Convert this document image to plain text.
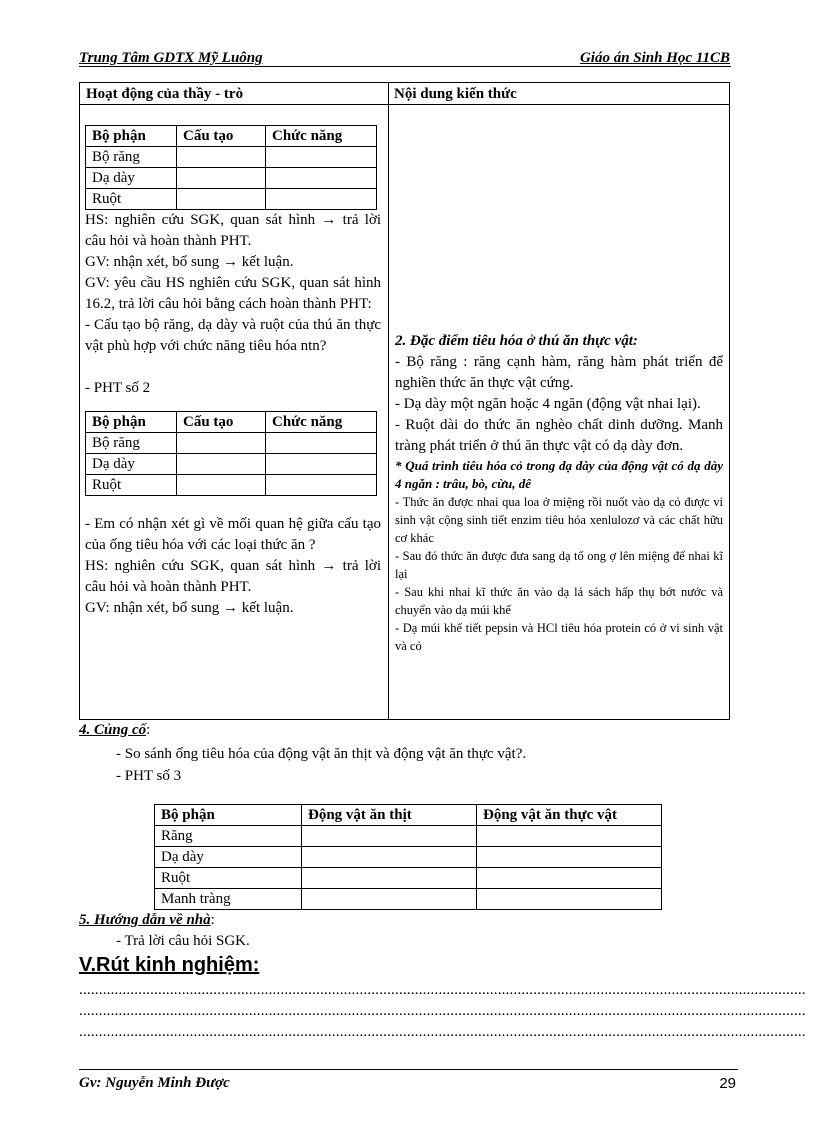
Trung Tâm GDTX Mỹ Luông	Giáo án Sinh Học 11CB
Hoạt động của thầy - trò	Nội dung kiến thức
Bộ phận	Cấu tạo	Chức năng
Bộ răng		
Dạ dày		
Ruột		
HS: nghiên cứu SGK, quan sát hình → trả lời câu hỏi và hoàn thành PHT.
GV: nhận xét, bổ sung → kết luận.
GV: yêu cầu HS nghiên cứu SGK, quan sát hình 16.2, trả lời câu hỏi bằng cách hoàn thành PHT:
- Cấu tạo bộ răng, dạ dày và ruột của thú ăn thực vật phù hợp với chức năng tiêu hóa ntn?
- PHT số 2
Bộ phận	Cấu tạo	Chức năng
Bộ răng		
Dạ dày		
Ruột		
- Em có nhận xét gì về mối quan hệ giữa cấu tạo của ống tiêu hóa với các loại thức ăn ?
HS: nghiên cứu SGK, quan sát hình → trả lời câu hỏi và hoàn thành PHT.
GV: nhận xét, bổ sung → kết luận.
2. Đặc điểm tiêu hóa ở thú ăn thực vật:
- Bộ răng : răng cạnh hàm, răng hàm phát triển để nghiền thức ăn thực vật cứng.
- Dạ dày một ngăn hoặc 4 ngăn (động vật nhai lại).
- Ruột dài do thức ăn nghèo chất dinh dưỡng. Manh tràng phát triển ở thú ăn thực vật có dạ dày đơn.
* Quá trình tiêu hóa cỏ trong dạ dày của động vật có dạ dày 4 ngăn : trâu, bò, cừu, dê
- Thức ăn được nhai qua loa ở miệng rồi nuốt vào dạ cỏ được vi sinh vật cộng sinh tiết enzim tiêu hóa xenlulozơ và các chất hữu cơ khác
- Sau đó thức ăn được đưa sang dạ tổ ong ợ lên miệng để nhai kĩ lại
- Sau khi nhai kĩ thức ăn vào dạ lá sách hấp thụ bớt nước và chuyển vào dạ múi khế
- Dạ múi khế tiết pepsin và HCl tiêu hóa protein có ở vi sinh vật và cỏ
4. Củng cố:
- So sánh ống tiêu hóa của động vật ăn thịt và động vật ăn thực vật?.
- PHT số 3
Bộ phận	Động vật ăn thịt	Động vật ăn thực vật
Răng		
Dạ dày		
Ruột		
Manh tràng		
5. Hướng dẫn về nhà:
- Trả lời câu hỏi SGK.
V.Rút kinh nghiệm:
........................................................................................................................................................................................
........................................................................................................................................................................................
........................................................................................................................................................................................
Gv: Nguyễn Minh Được	29
